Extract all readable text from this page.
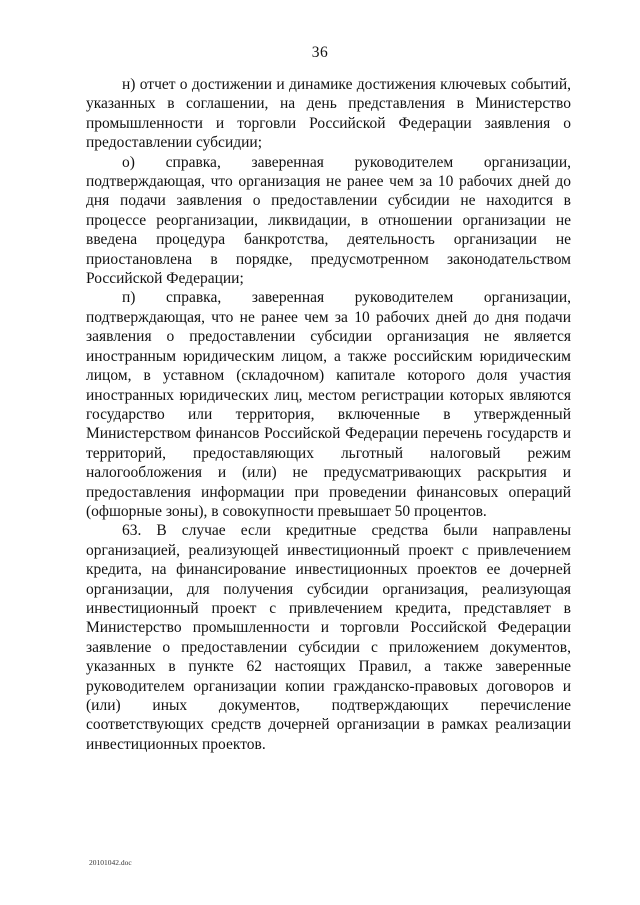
36

н) отчет о достижении и динамике достижения ключевых событий, указанных в соглашении, на день представления в Министерство промышленности и торговли Российской Федерации заявления о предоставлении субсидии;

о) справка, заверенная руководителем организации, подтверждающая, что организация не ранее чем за 10 рабочих дней до дня подачи заявления о предоставлении субсидии не находится в процессе реорганизации, ликвидации, в отношении организации не введена процедура банкротства, деятельность организации не приостановлена в порядке, предусмотренном законодательством Российской Федерации;

п) справка, заверенная руководителем организации, подтверждающая, что не ранее чем за 10 рабочих дней до дня подачи заявления о предоставлении субсидии организация не является иностранным юридическим лицом, а также российским юридическим лицом, в уставном (складочном) капитале которого доля участия иностранных юридических лиц, местом регистрации которых являются государство или территория, включенные в утвержденный Министерством финансов Российской Федерации перечень государств и территорий, предоставляющих льготный налоговый режим налогообложения и (или) не предусматривающих раскрытия и предоставления информации при проведении финансовых операций (офшорные зоны), в совокупности превышает 50 процентов.

63. В случае если кредитные средства были направлены организацией, реализующей инвестиционный проект с привлечением кредита, на финансирование инвестиционных проектов ее дочерней организации, для получения субсидии организация, реализующая инвестиционный проект с привлечением кредита, представляет в Министерство промышленности и торговли Российской Федерации заявление о предоставлении субсидии с приложением документов, указанных в пункте 62 настоящих Правил, а также заверенные руководителем организации копии гражданско-правовых договоров и (или) иных документов, подтверждающих перечисление соответствующих средств дочерней организации в рамках реализации инвестиционных проектов.

20101042.doc
